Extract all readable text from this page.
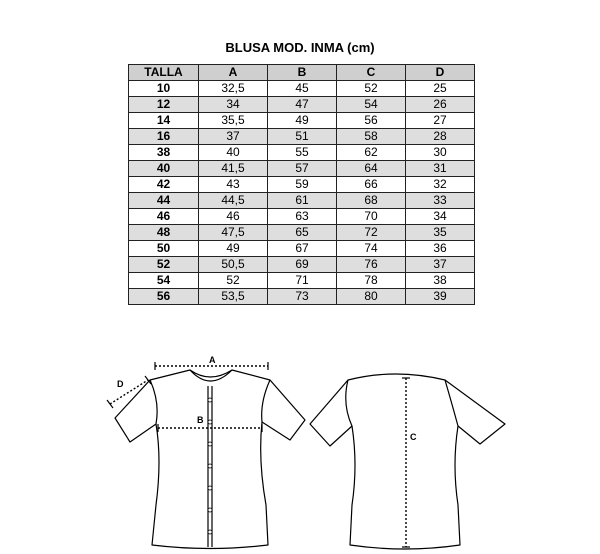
BLUSA MOD. INMA (cm)
TALLA	A	B	C	D
10	32,5	45	52	25
12	34	47	54	26
14	35,5	49	56	27
16	37	51	58	28
38	40	55	62	30
40	41,5	57	64	31
42	43	59	66	32
44	44,5	61	68	33
46	46	63	70	34
48	47,5	65	72	35
50	49	67	74	36
52	50,5	69	76	37
54	52	71	78	38
56	53,5	73	80	39
A
B
C
D
